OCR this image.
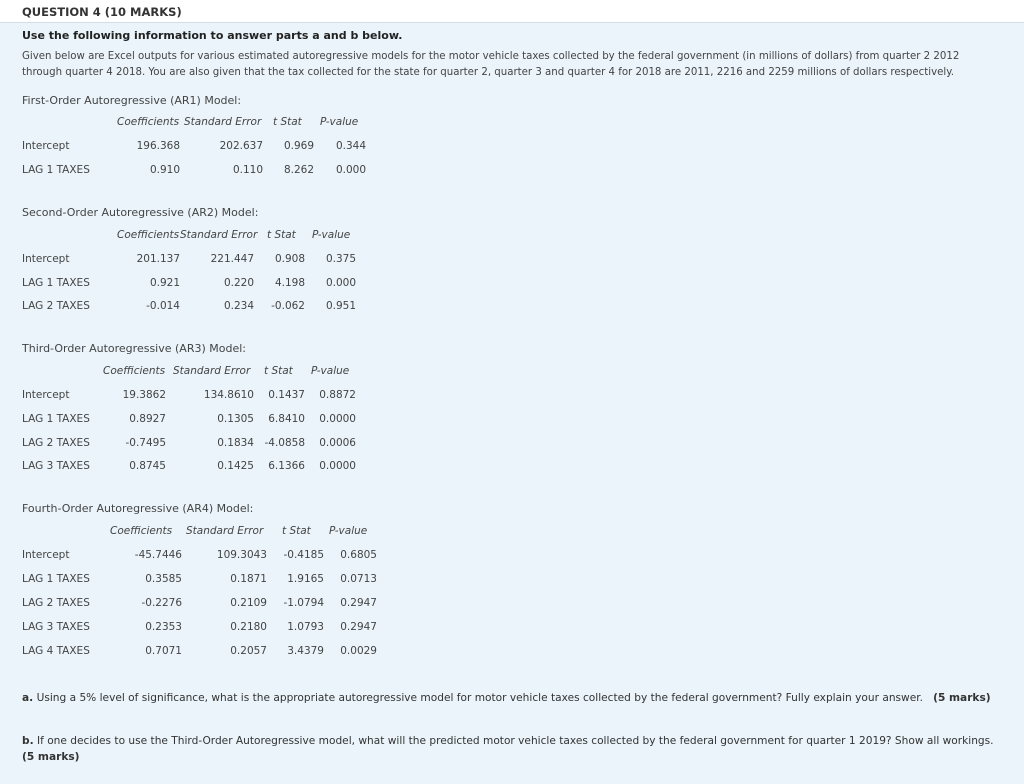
QUESTION 4 (10 MARKS)
Use the following information to answer parts a and b below.
Given below are Excel outputs for various estimated autoregressive models for the motor vehicle taxes collected by the federal government (in millions of dollars) from quarter 2 2012 through quarter 4 2018. You are also given that the tax collected for the state for quarter 2, quarter 3 and quarter 4 for 2018 are 2011, 2216 and 2259 millions of dollars respectively.
First-Order Autoregressive (AR1) Model:
Coefficients Standard Error t Stat P-value
Intercept	196.368	202.637 0.969 0.344
LAG 1 TAXES	0.910	0.110 8.262 0.000
Second-Order Autoregressive (AR2) Model:
Coefficients Standard Error t Stat P-value
Intercept	201.137	221.447 0.908 0.375
LAG 1 TAXES	0.921	0.220 4.198 0.000
LAG 2 TAXES	-0.014	0.234 -0.062 0.951
Third-Order Autoregressive (AR3) Model:
Coefficients Standard Error t Stat P-value
Intercept	19.3862	134.8610 0.1437 0.8872
LAG 1 TAXES	0.8927	0.1305 6.8410 0.0000
LAG 2 TAXES	-0.7495	0.1834 -4.0858 0.0006
LAG 3 TAXES	0.8745	0.1425 6.1366 0.0000
Fourth-Order Autoregressive (AR4) Model:
Coefficients Standard Error t Stat P-value
Intercept	-45.7446	109.3043 -0.4185 0.6805
LAG 1 TAXES	0.3585	0.1871 1.9165 0.0713
LAG 2 TAXES	-0.2276	0.2109 -1.0794 0.2947
LAG 3 TAXES	0.2353	0.2180 1.0793 0.2947
LAG 4 TAXES	0.7071	0.2057 3.4379 0.0029
a. Using a 5% level of significance, what is the appropriate autoregressive model for motor vehicle taxes collected by the federal government? Fully explain your answer. (5 marks)
b. If one decides to use the Third-Order Autoregressive model, what will the predicted motor vehicle taxes collected by the federal government for quarter 1 2019? Show all workings. (5 marks)
